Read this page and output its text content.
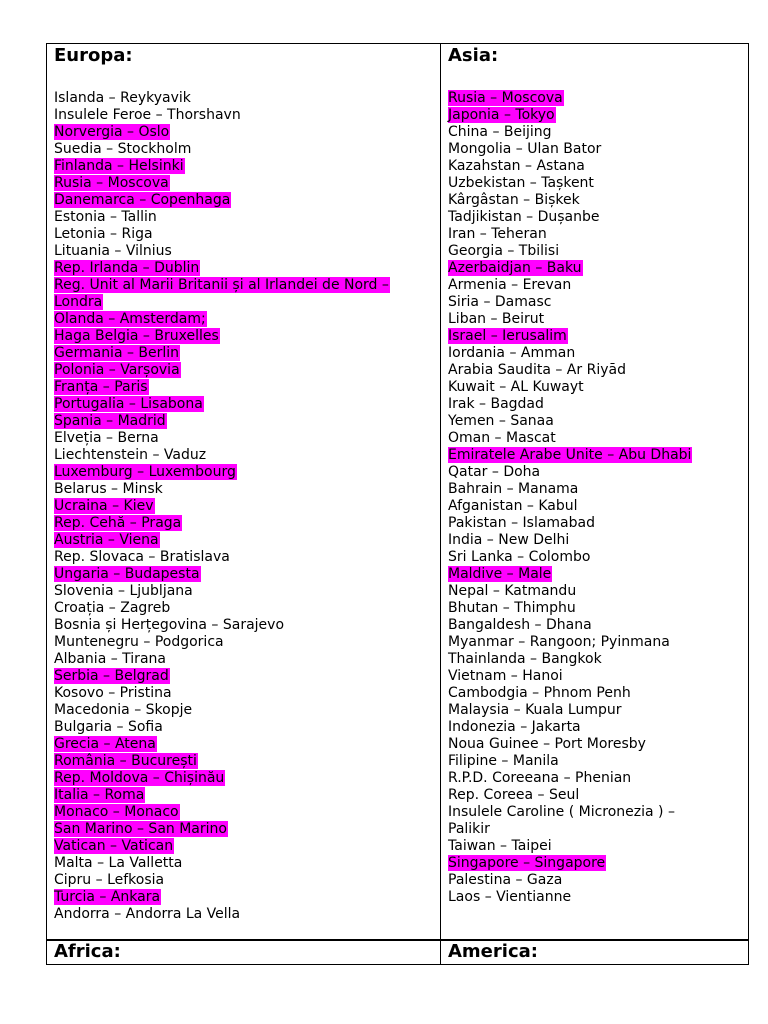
Europa:
Islanda – Reykyavik
Insulele Feroe – Thorshavn
Norvergia – Oslo
Suedia – Stockholm
Finlanda – Helsinki
Rusia – Moscova
Danemarca – Copenhaga
Estonia – Tallin
Letonia – Riga
Lituania – Vilnius
Rep. Irlanda – Dublin
Reg. Unit al Marii Britanii și al Irlandei de Nord –
Londra
Olanda – Amsterdam;
Haga Belgia – Bruxelles
Germania – Berlin
Polonia – Varșovia
Franța – Paris
Portugalia – Lisabona
Spania – Madrid
Elveția – Berna
Liechtenstein – Vaduz
Luxemburg – Luxembourg
Belarus – Minsk
Ucraina – Kiev
Rep. Cehă – Praga
Austria – Viena
Rep. Slovaca – Bratislava
Ungaria – Budapesta
Slovenia – Ljubljana
Croația – Zagreb
Bosnia și Herțegovina – Sarajevo
Muntenegru – Podgorica
Albania – Tirana
Serbia – Belgrad
Kosovo – Pristina
Macedonia – Skopje
Bulgaria – Sofia
Grecia – Atena
România – București
Rep. Moldova – Chișinău
Italia – Roma
Monaco – Monaco
San Marino – San Marino
Vatican – Vatican
Malta – La Valletta
Cipru – Lefkosia
Turcia – Ankara
Andorra – Andorra La Vella
Asia:
Rusia – Moscova
Japonia – Tokyo
China – Beijing
Mongolia – Ulan Bator
Kazahstan – Astana
Uzbekistan – Tașkent
Kârgâstan – Bișkek
Tadjikistan – Dușanbe
Iran – Teheran
Georgia – Tbilisi
Azerbaidjan – Baku
Armenia – Erevan
Siria – Damasc
Liban – Beirut
Israel – Ierusalim
Iordania – Amman
Arabia Saudita – Ar Riyād
Kuwait – AL Kuwayt
Irak – Bagdad
Yemen – Sanaa
Oman – Mascat
Emiratele Arabe Unite – Abu Dhabi
Qatar – Doha
Bahrain – Manama
Afganistan – Kabul
Pakistan – Islamabad
India – New Delhi
Sri Lanka – Colombo
Maldive – Male
Nepal – Katmandu
Bhutan – Thimphu
Bangaldesh – Dhana
Myanmar – Rangoon; Pyinmana
Thainlanda – Bangkok
Vietnam – Hanoi
Cambodgia – Phnom Penh
Malaysia – Kuala Lumpur
Indonezia – Jakarta
Noua Guinee – Port Moresby
Filipine – Manila
R.P.D. Coreeana – Phenian
Rep. Coreea – Seul
Insulele Caroline ( Micronezia ) –
Palikir
Taiwan – Taipei
Singapore – Singapore
Palestina – Gaza
Laos – Vientianne
Africa:	America:
